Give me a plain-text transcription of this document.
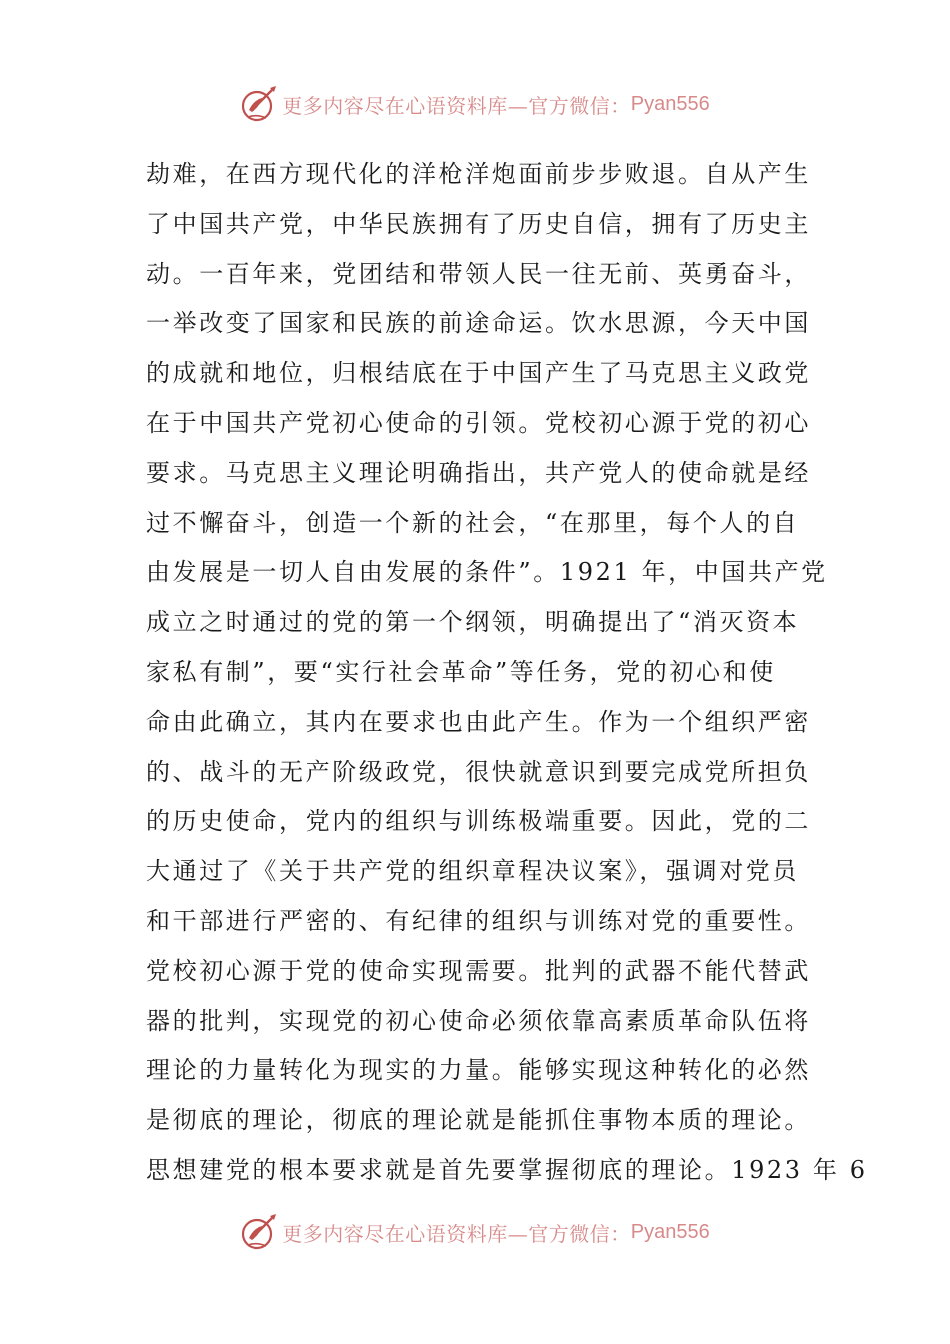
更多内容尽在心语资料库—官方微信： Pyan556
劫难，在西方现代化的洋枪洋炮面前步步败退。自从产生
了中国共产党，中华民族拥有了历史自信，拥有了历史主
动。一百年来，党团结和带领人民一往无前、英勇奋斗，
一举改变了国家和民族的前途命运。饮水思源，今天中国
的成就和地位，归根结底在于中国产生了马克思主义政党
在于中国共产党初心使命的引领。党校初心源于党的初心
要求。马克思主义理论明确指出，共产党人的使命就是经
过不懈奋斗，创造一个新的社会，“在那里，每个人的自
由发展是一切人自由发展的条件”。1921 年，中国共产党
成立之时通过的党的第一个纲领，明确提出了“消灭资本
家私有制”，要“实行社会革命”等任务，党的初心和使
命由此确立，其内在要求也由此产生。作为一个组织严密
的、战斗的无产阶级政党，很快就意识到要完成党所担负
的历史使命，党内的组织与训练极端重要。因此，党的二
大通过了《关于共产党的组织章程决议案》，强调对党员
和干部进行严密的、有纪律的组织与训练对党的重要性。
党校初心源于党的使命实现需要。批判的武器不能代替武
器的批判，实现党的初心使命必须依靠高素质革命队伍将
理论的力量转化为现实的力量。能够实现这种转化的必然
是彻底的理论，彻底的理论就是能抓住事物本质的理论。
思想建党的根本要求就是首先要掌握彻底的理论。1923 年 6
更多内容尽在心语资料库—官方微信： Pyan556
